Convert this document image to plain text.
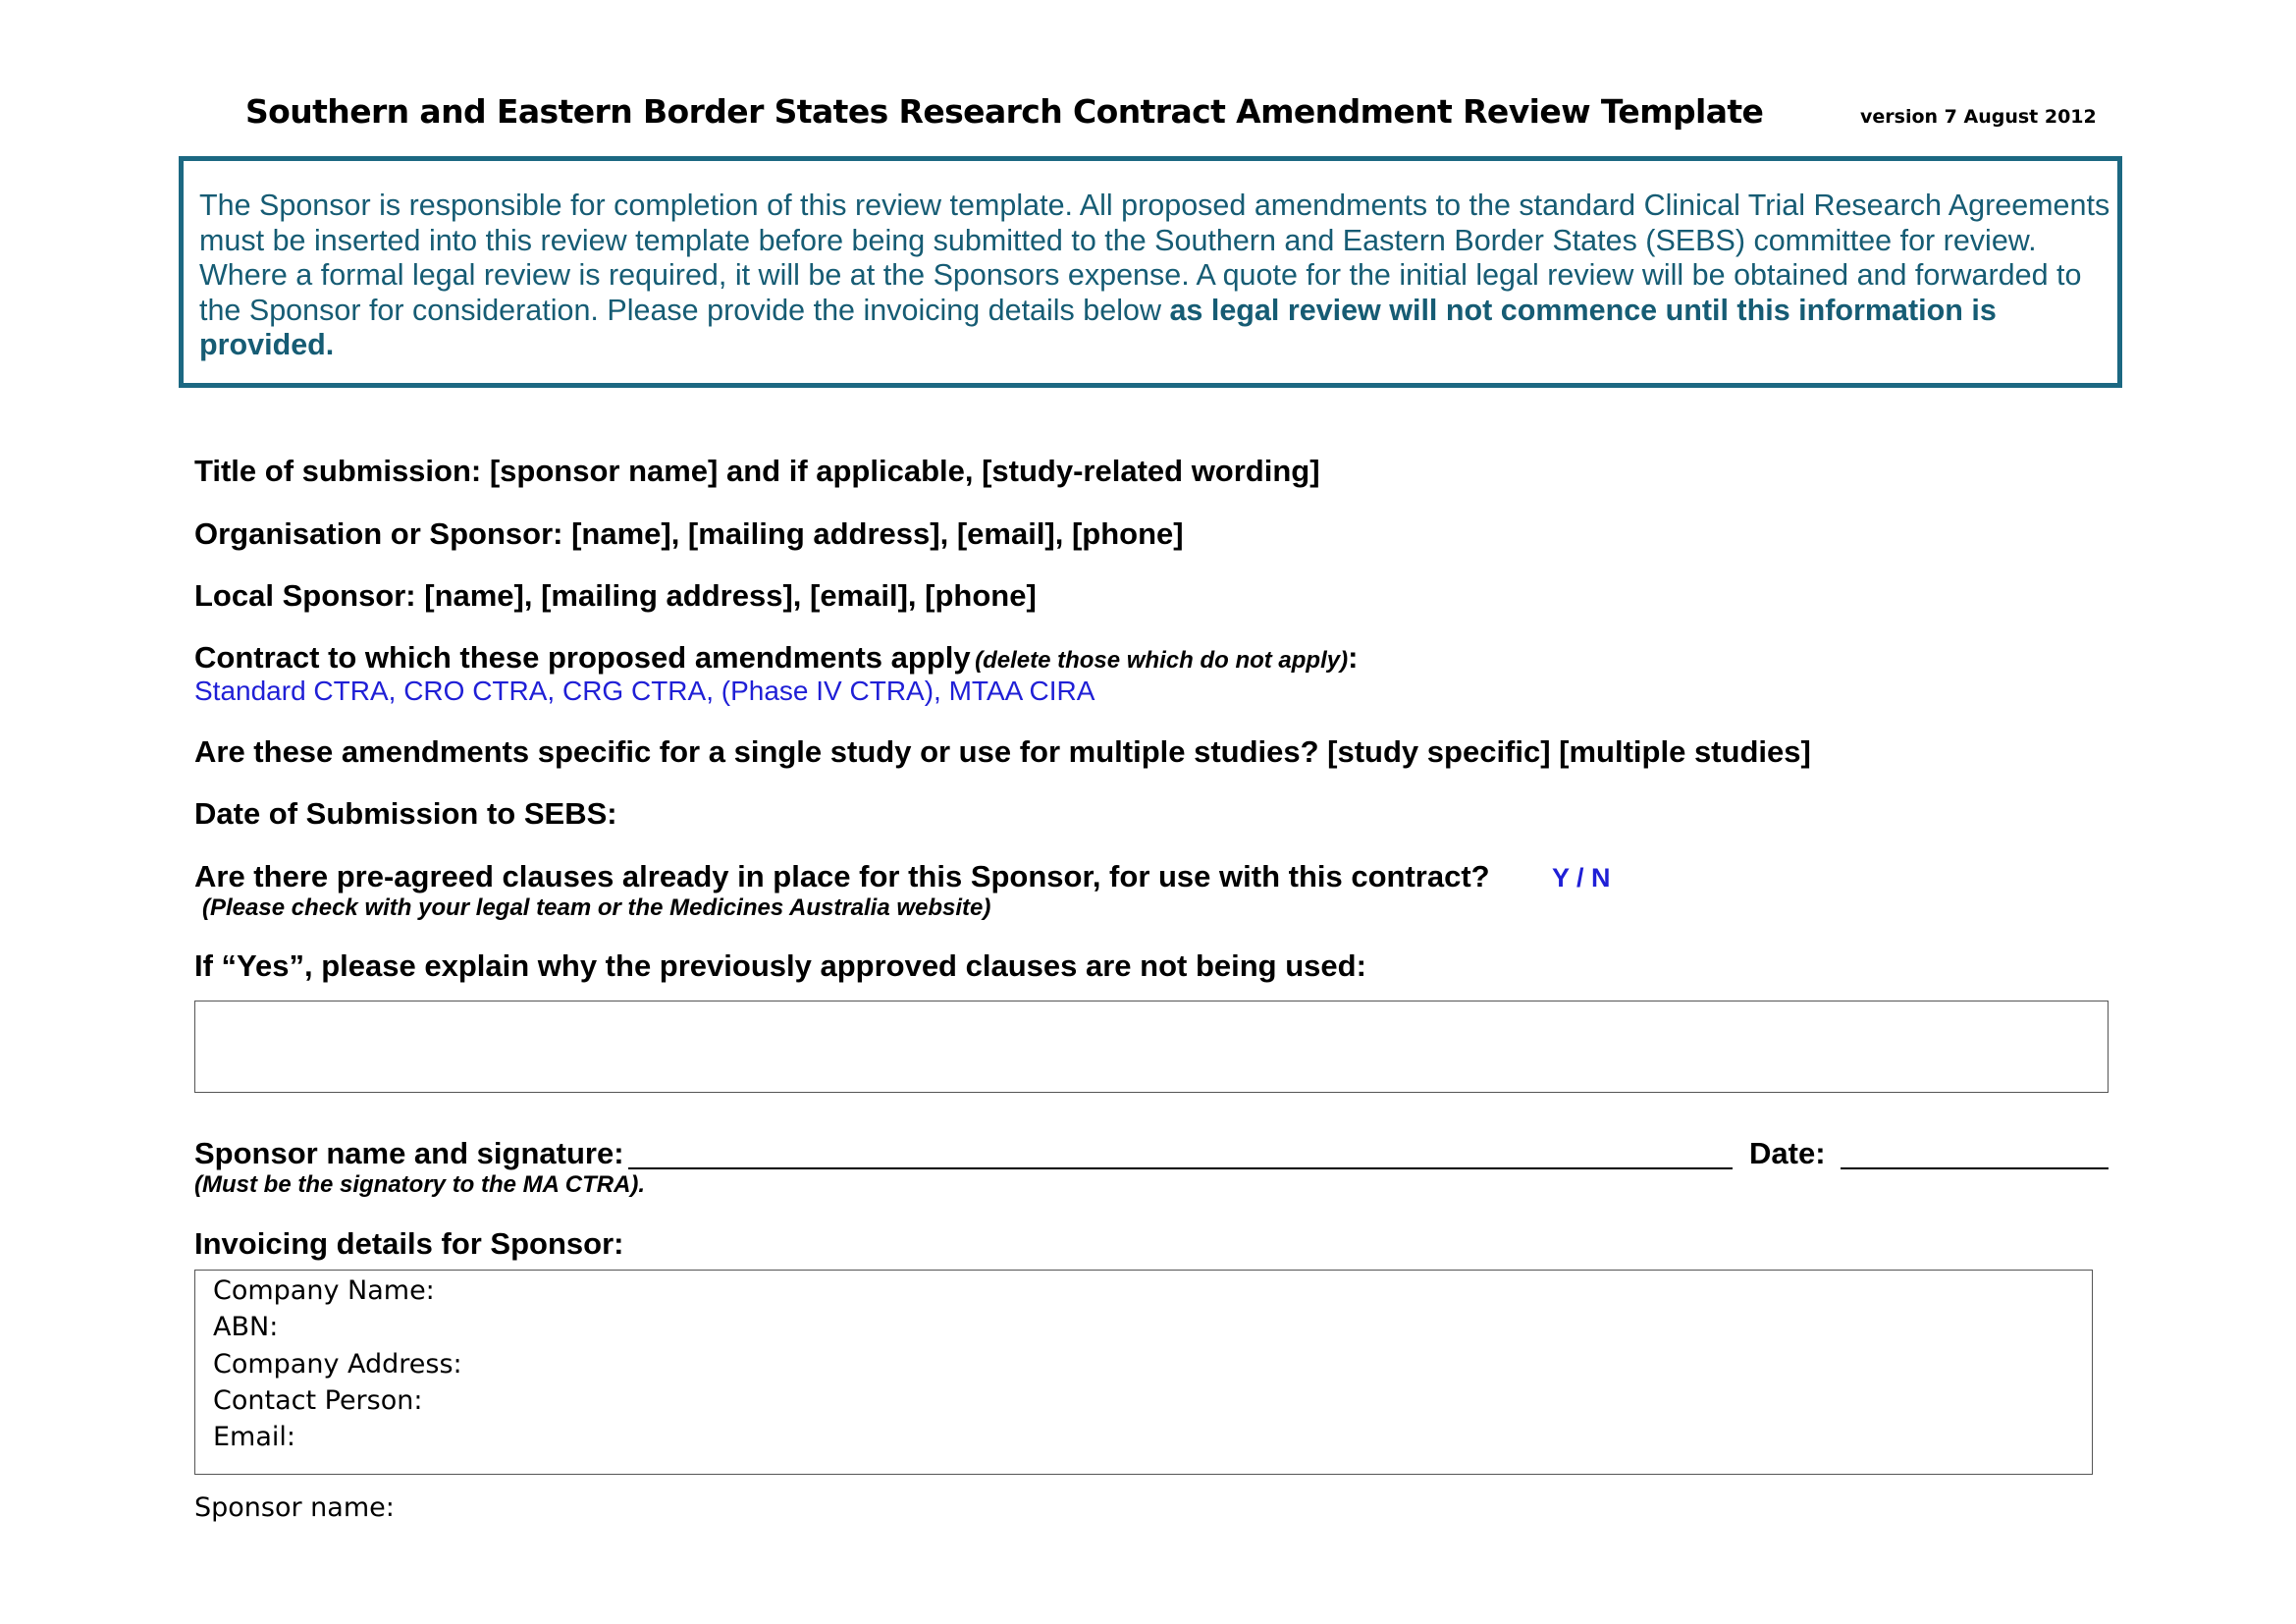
Southern and Eastern Border States Research Contract Amendment Review Template	version 7 August 2012
The Sponsor is responsible for completion of this review template. All proposed amendments to the standard Clinical Trial Research Agreements must be inserted into this review template before being submitted to the Southern and Eastern Border States (SEBS) committee for review. Where a formal legal review is required, it will be at the Sponsors expense. A quote for the initial legal review will be obtained and forwarded to the Sponsor for consideration. Please provide the invoicing details below as legal review will not commence until this information is provided.
Title of submission: [sponsor name] and if applicable, [study-related wording]
Organisation or Sponsor: [name], [mailing address], [email], [phone]
Local Sponsor: [name], [mailing address], [email], [phone]
Contract to which these proposed amendments apply (delete those which do not apply):
Standard CTRA, CRO CTRA, CRG CTRA, (Phase IV CTRA), MTAA CIRA
Are these amendments specific for a single study or use for multiple studies? [study specific] [multiple studies]
Date of Submission to SEBS:
Are there pre-agreed clauses already in place for this Sponsor, for use with this contract? Y / N
(Please check with your legal team or the Medicines Australia website)
If “Yes”, please explain why the previously approved clauses are not being used:
Sponsor name and signature:	Date:
(Must be the signatory to the MA CTRA).
Invoicing details for Sponsor:
Company Name:
ABN:
Company Address:
Contact Person:
Email:
Sponsor name:
